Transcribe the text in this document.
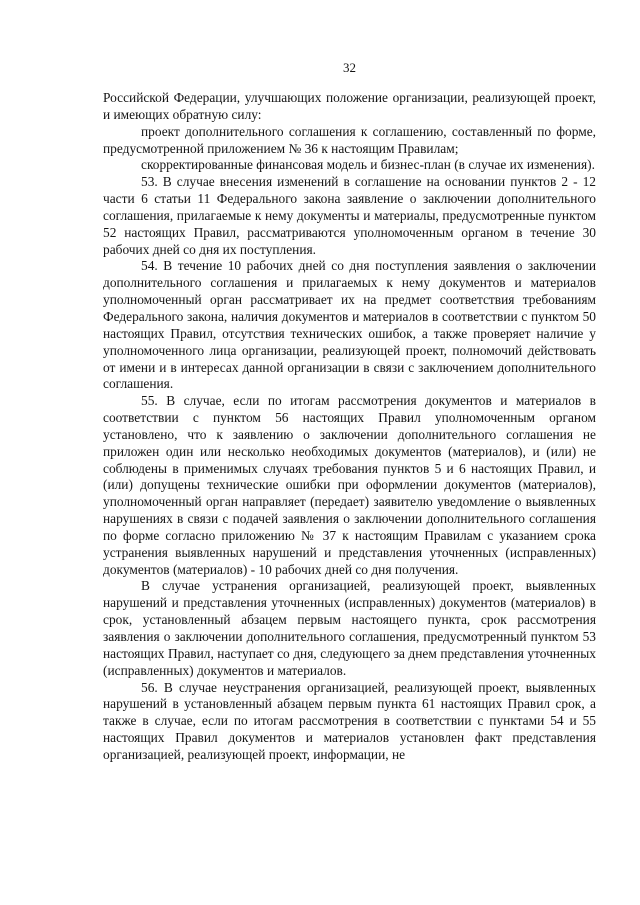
32

Российской Федерации, улучшающих положение организации, реализующей проект, и имеющих обратную силу:

проект дополнительного соглашения к соглашению, составленный по форме, предусмотренной приложением № 36 к настоящим Правилам;

скорректированные финансовая модель и бизнес-план (в случае их изменения).

53. В случае внесения изменений в соглашение на основании пунктов 2 - 12 части 6 статьи 11 Федерального закона заявление о заключении дополнительного соглашения, прилагаемые к нему документы и материалы, предусмотренные пунктом 52 настоящих Правил, рассматриваются уполномоченным органом в течение 30 рабочих дней со дня их поступления.

54. В течение 10 рабочих дней со дня поступления заявления о заключении дополнительного соглашения и прилагаемых к нему документов и материалов уполномоченный орган рассматривает их на предмет соответствия требованиям Федерального закона, наличия документов и материалов в соответствии с пунктом 50 настоящих Правил, отсутствия технических ошибок, а также проверяет наличие у уполномоченного лица организации, реализующей проект, полномочий действовать от имени и в интересах данной организации в связи с заключением дополнительного соглашения.

55. В случае, если по итогам рассмотрения документов и материалов в соответствии с пунктом 56 настоящих Правил уполномоченным органом установлено, что к заявлению о заключении дополнительного соглашения не приложен один или несколько необходимых документов (материалов), и (или) не соблюдены в применимых случаях требования пунктов 5 и 6 настоящих Правил, и (или) допущены технические ошибки при оформлении документов (материалов), уполномоченный орган направляет (передает) заявителю уведомление о выявленных нарушениях в связи с подачей заявления о заключении дополнительного соглашения по форме согласно приложению № 37 к настоящим Правилам с указанием срока устранения выявленных нарушений и представления уточненных (исправленных) документов (материалов) - 10 рабочих дней со дня получения.

В случае устранения организацией, реализующей проект, выявленных нарушений и представления уточненных (исправленных) документов (материалов) в срок, установленный абзацем первым настоящего пункта, срок рассмотрения заявления о заключении дополнительного соглашения, предусмотренный пунктом 53 настоящих Правил, наступает со дня, следующего за днем представления уточненных (исправленных) документов и материалов.

56. В случае неустранения организацией, реализующей проект, выявленных нарушений в установленный абзацем первым пункта 61 настоящих Правил срок, а также в случае, если по итогам рассмотрения в соответствии с пунктами 54 и 55 настоящих Правил документов и материалов установлен факт представления организацией, реализующей проект, информации, не
